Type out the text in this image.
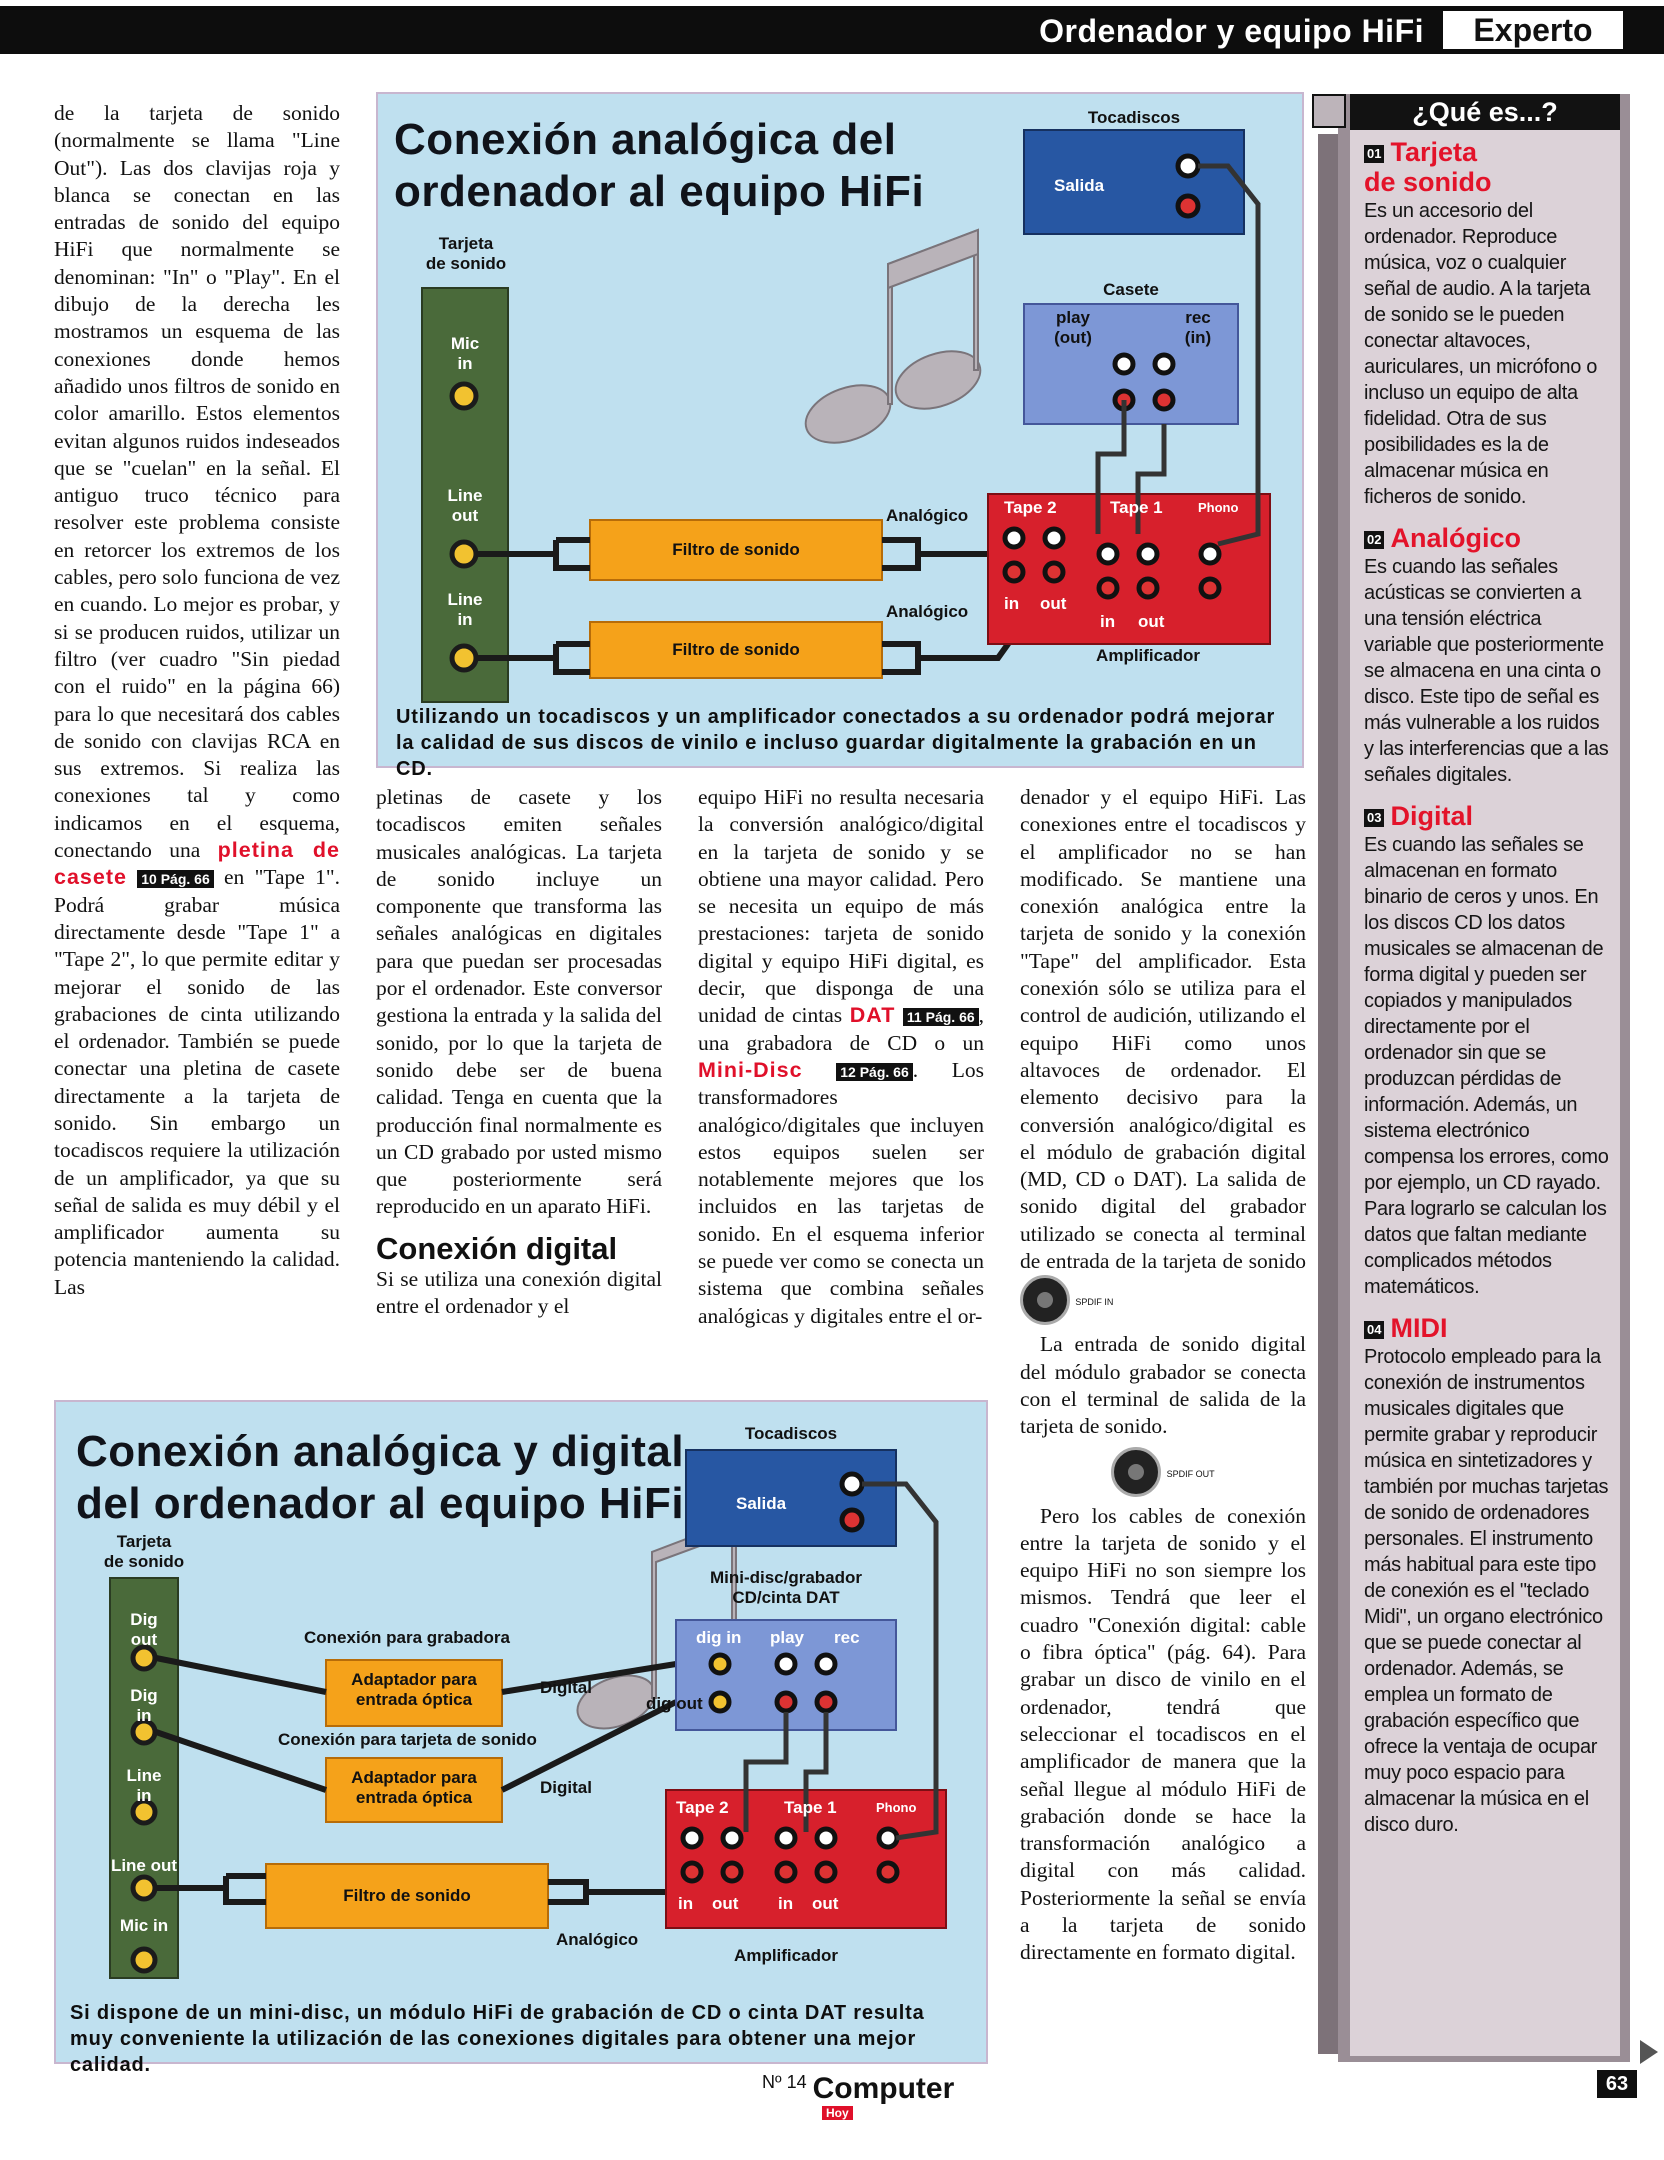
Ordenador y equipo HiFi	Experto

de la tarjeta de sonido (normalmente se llama "Line Out"). Las dos clavijas roja y blanca se conectan en las entradas de sonido del equipo HiFi que normalmente se denominan: "In" o "Play". En el dibujo de la derecha les mostramos un esquema de las conexiones donde hemos añadido unos filtros de sonido en color amarillo. Estos elementos evitan algunos ruidos indeseados que se "cuelan" en la señal. El antiguo truco técnico para resolver este problema consiste en retorcer los extremos de los cables, pero solo funciona de vez en cuando. Lo mejor es probar, y si se producen ruidos, utilizar un filtro (ver cuadro "Sin piedad con el ruido" en la página 66) para lo que necesitará dos cables de sonido con clavijas RCA en sus extremos. Si realiza las conexiones tal y como indicamos en el esquema, conectando una pletina de casete 10 Pág. 66 en "Tape 1". Podrá grabar música directamente desde "Tape 1" a "Tape 2", lo que permite editar y mejorar el sonido de las grabaciones de cinta utilizando el ordenador. También se puede conectar una pletina de casete directamente a la tarjeta de sonido. Sin embargo un tocadiscos requiere la utilización de un amplificador, ya que su señal de salida es muy débil y el amplificador aumenta su potencia manteniendo la calidad. Las

Conexión analógica del
ordenador al equipo HiFi
Tarjeta
de sonido
Mic
in
Line
out
Line
in
Filtro de sonido
Filtro de sonido
Analógico
Analógico
Tocadiscos
Salida
Casete
play
(out)
rec
(in)
Tape 2	Tape 1	Phono
in out
in out
Amplificador
Utilizando un tocadiscos y un amplificador conectados a su ordenador podrá mejorar la calidad de sus discos de vinilo e incluso guardar digitalmente la grabación en un CD.

pletinas de casete y los tocadiscos emiten señales musicales analógicas. La tarjeta de sonido incluye un componente que transforma las señales analógicas en digitales para que puedan ser procesadas por el ordenador. Este conversor gestiona la entrada y la salida del sonido, por lo que la tarjeta de sonido debe ser de buena calidad. Tenga en cuenta que la producción final normalmente es un CD grabado por usted mismo que posteriormente será reproducido en un aparato HiFi.

Conexión digital

Si se utiliza una conexión digital entre el ordenador y el

equipo HiFi no resulta necesaria la conversión analógico/digital en la tarjeta de sonido y se obtiene una mayor calidad. Pero se necesita un equipo de más prestaciones: tarjeta de sonido digital y equipo HiFi digital, es decir, que disponga de una unidad de cintas DAT 11 Pág. 66 , una grabadora de CD o un Mini-Disc	12 Pág. 66 . Los transformadores analógico/digitales que incluyen estos equipos suelen ser notablemente mejores que los incluidos en las tarjetas de sonido. En el esquema inferior se puede ver como se conecta un sistema que combina señales analógicas y digitales entre el or-

denador y el equipo HiFi. Las conexiones entre el tocadiscos y el amplificador no se han modificado. Se mantiene una conexión analógica entre la tarjeta de sonido y la conexión "Tape" del amplificador. Esta conexión sólo se utiliza para el control de audición, utilizando el equipo HiFi como unos altavoces de ordenador. El elemento decisivo para la conversión analógico/digital es el módulo de grabación digital (MD, CD o DAT). La salida de sonido digital del grabador utilizado se conecta al terminal de entrada de la tarjeta de sonido  SPDIF IN

La entrada de sonido digital del módulo grabador se conecta con el terminal de salida de la tarjeta de sonido.

SPDIF OUT

Pero los cables de conexión entre la tarjeta de sonido y el equipo HiFi no son siempre los mismos. Tendrá que leer el cuadro "Conexión digital: cable o fibra óptica" (pág. 64). Para grabar un disco de vinilo en el ordenador, tendrá que seleccionar el tocadiscos en el amplificador de manera que la señal llegue al módulo HiFi de grabación donde se hace la transformación analógico a digital con más calidad. Posteriormente la señal se envía a la tarjeta de sonido directamente en formato digital.

Conexión analógica y digital
del ordenador al equipo HiFi
Tarjeta
de sonido
Dig
out
Dig
in
Line
in
Line out
Mic in
Conexión para grabadora
Conexión para tarjeta de sonido
Adaptador para
entrada óptica
Adaptador para
entrada óptica
Digital
Digital
Filtro de sonido
Analógico
Tocadiscos
Salida
Mini-disc/grabador
CD/cinta DAT
dig in play rec
dig out
Tape 2	Tape 1	Phono
in out in out
Amplificador
Si dispone de un mini-disc, un módulo HiFi de grabación de CD o cinta DAT resulta muy conveniente la utilización de las conexiones digitales para obtener una mejor calidad.
¿Qué es...?
01 Tarjeta
de sonido
Es un accesorio del ordenador. Reproduce música, voz o cualquier señal de audio. A la tarjeta de sonido se le pueden conectar altavoces, auriculares, un micrófono o incluso un equipo de alta fidelidad. Otra de sus posibilidades es la de almacenar música en ficheros de sonido.
02 Analógico
Es cuando las señales acústicas se convierten a una tensión eléctrica variable que posteriormente se almacena en una cinta o disco. Este tipo de señal es más vulnerable a los ruidos y las interferencias que a las señales digitales.
03 Digital
Es cuando las señales se almacenan en formato binario de ceros y unos. En los discos CD los datos musicales se almacenan de forma digital y pueden ser copiados y manipulados directamente por el ordenador sin que se produzcan pérdidas de información. Además, un sistema electrónico compensa los errores, como por ejemplo, un CD rayado. Para lograrlo se calculan los datos que faltan mediante complicados métodos matemáticos.
04 MIDI
Protocolo empleado para la conexión de instrumentos musicales digitales que permite grabar y reproducir música en sintetizadores y también por muchas tarjetas de sonido de ordenadores personales. El instrumento más habitual para este tipo de conexión es el "teclado Midi", un organo electrónico que se puede conectar al ordenador. Además, se emplea un formato de grabación específico que ofrece la ventaja de ocupar muy poco espacio para almacenar la música en el disco duro.
Nº 14 Computer
Hoy
63
